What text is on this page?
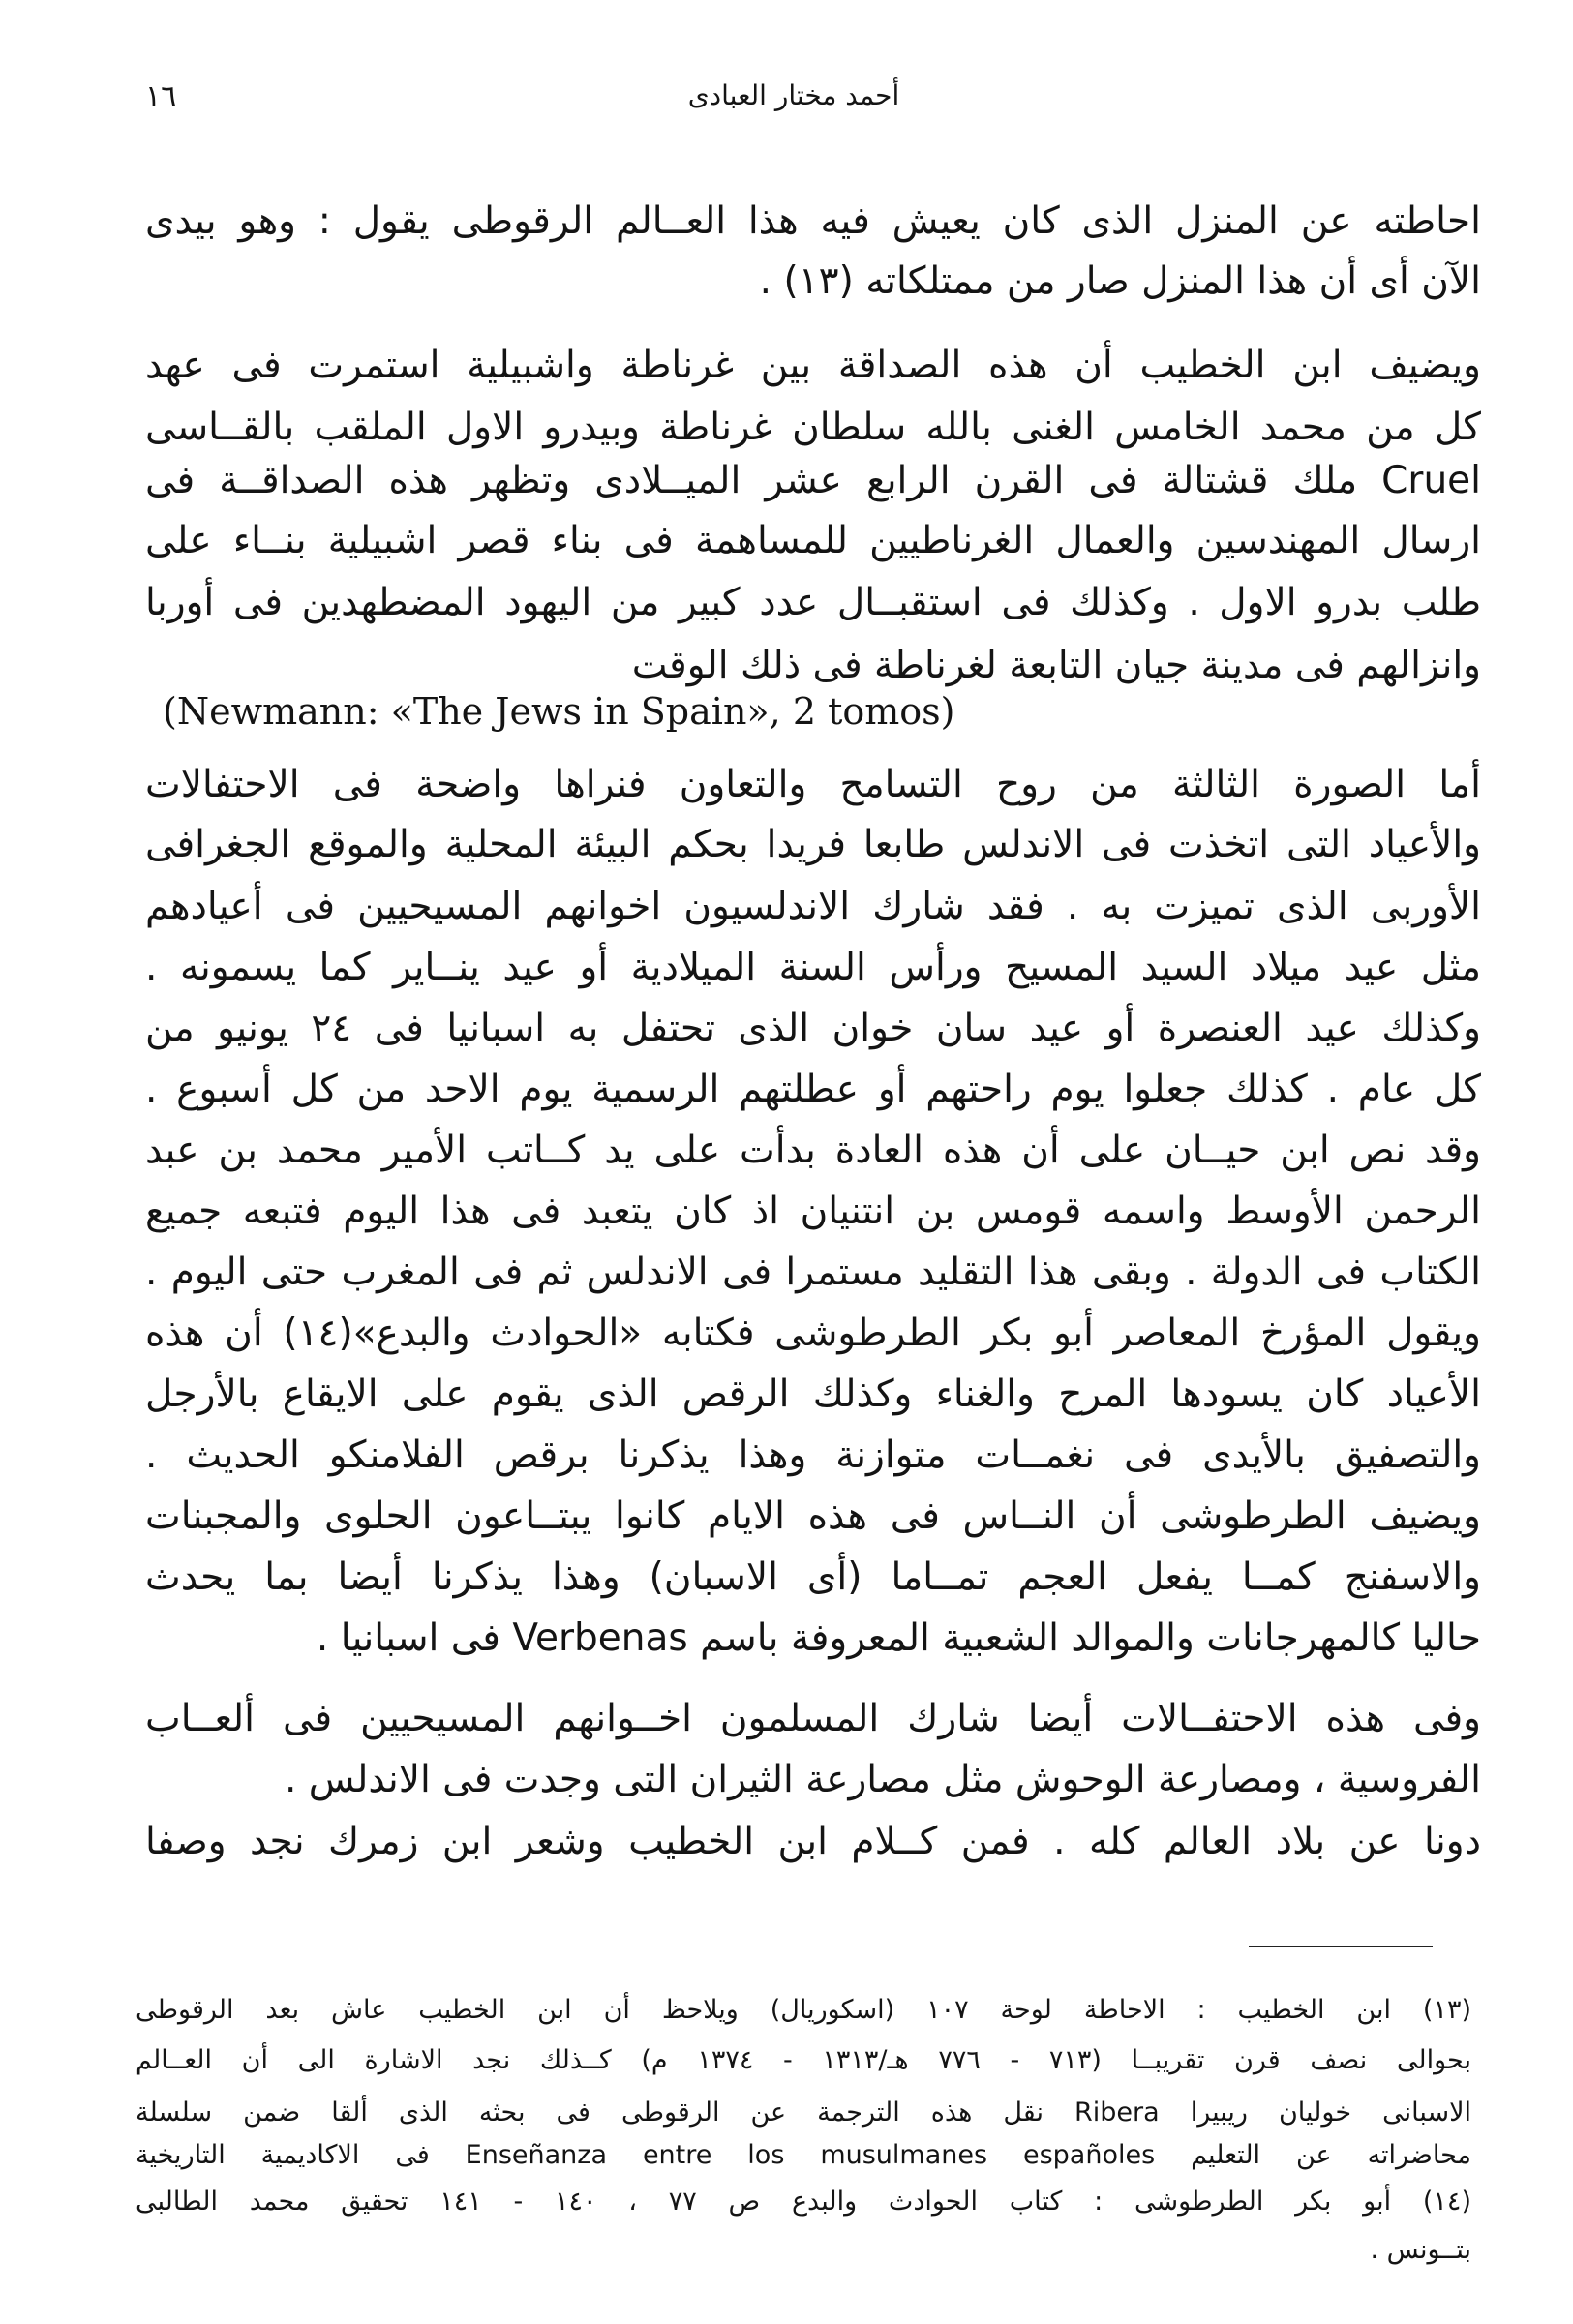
١٦	أحمد مختار العبادى
احاطته عن المنزل الذى كان يعيش فيه هذا العــالم الرقوطى يقول : وهو بيدى
الآن أى أن هذا المنزل صار من ممتلكاته (١٣) .
ويضيف ابن الخطيب أن هذه الصداقة بين غرناطة واشبيلية استمرت فى عهد
كل من محمد الخامس الغنى بالله سلطان غرناطة وبيدرو الاول الملقب بالقــاسى
Cruel ملك قشتالة فى القرن الرابع عشر الميــلادى وتظهر هذه الصداقــة فى
ارسال المهندسين والعمال الغرناطيين للمساهمة فى بناء قصر اشبيلية بنــاء على
طلب بدرو الاول . وكذلك فى استقبــال عدد كبير من اليهود المضطهدين فى أوربا
وانزالهم فى مدينة جيان التابعة لغرناطة فى ذلك الوقت
(Newmann: «The Jews in Spain», 2 tomos)
أما الصورة الثالثة من روح التسامح والتعاون فنراها واضحة فى الاحتفالات
والأعياد التى اتخذت فى الاندلس طابعا فريدا بحكم البيئة المحلية والموقع الجغرافى
الأوربى الذى تميزت به . فقد شارك الاندلسيون اخوانهم المسيحيين فى أعيادهم
مثل عيد ميلاد السيد المسيح ورأس السنة الميلادية أو عيد ينــاير كما يسمونه .
وكذلك عيد العنصرة أو عيد سان خوان الذى تحتفل به اسبانيا فى ٢٤ يونيو من
كل عام . كذلك جعلوا يوم راحتهم أو عطلتهم الرسمية يوم الاحد من كل أسبوع .
وقد نص ابن حيــان على أن هذه العادة بدأت على يد كــاتب الأمير محمد بن عبد
الرحمن الأوسط واسمه قومس بن انتنيان اذ كان يتعبد فى هذا اليوم فتبعه جميع
الكتاب فى الدولة . وبقى هذا التقليد مستمرا فى الاندلس ثم فى المغرب حتى اليوم .
ويقول المؤرخ المعاصر أبو بكر الطرطوشى فكتابه «الحوادث والبدع»(١٤) أن هذه
الأعياد كان يسودها المرح والغناء وكذلك الرقص الذى يقوم على الايقاع بالأرجل
والتصفيق بالأيدى فى نغمــات متوازنة وهذا يذكرنا برقص الفلامنكو الحديث .
ويضيف الطرطوشى أن النــاس فى هذه الايام كانوا يبتــاعون الحلوى والمجبنات
والاسفنج كمــا يفعل العجم تمــاما (أى الاسبان) وهذا يذكرنا أيضا بما يحدث
حاليا كالمهرجانات والموالد الشعبية المعروفة باسم Verbenas فى اسبانيا .
وفى هذه الاحتفــالات أيضا شارك المسلمون اخــوانهم المسيحيين فى ألعــاب
الفروسية ، ومصارعة الوحوش مثل مصارعة الثيران التى وجدت فى الاندلس .
دونا عن بلاد العالم كله . فمن كــلام ابن الخطيب وشعر ابن زمرك نجد وصفا
(١٣) ابن الخطيب : الاحاطة لوحة ١٠٧ (اسكوريال) ويلاحظ أن ابن الخطيب عاش بعد الرقوطى
بحوالى نصف قرن تقريبــا (٧١٣ - ٧٧٦ هـ/١٣١٣ - ١٣٧٤ م) كــذلك نجد الاشارة الى أن العــالم
الاسبانى خوليان ريبيرا Ribera نقل هذه الترجمة عن الرقوطى فى بحثه الذى ألقا ضمن سلسلة
محاضراته عن التعليم Enseñanza entre los musulmanes españoles فى الاكاديمية التاريخية
(١٤) أبو بكر الطرطوشى : كتاب الحوادث والبدع ص ٧٧ ، ١٤٠ - ١٤١ تحقيق محمد الطالبى
بتــونس .
